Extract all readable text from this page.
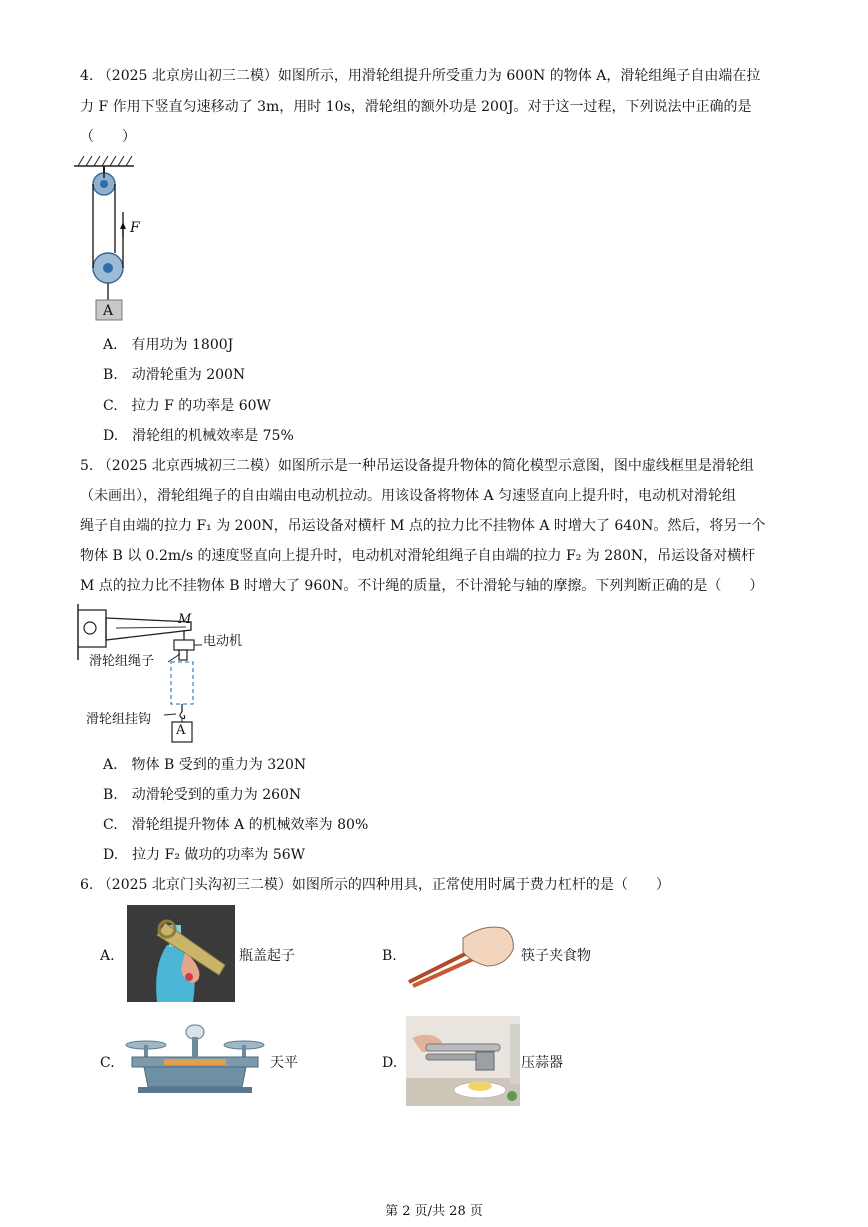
4. （2025 北京房山初三二模）如图所示，用滑轮组提升所受重力为 600N 的物体 A，滑轮组绳子自由端在拉
力 F 作用下竖直匀速移动了 3m，用时 10s，滑轮组的额外功是 200J。对于这一过程，下列说法中正确的是
（　　）
F
A
A.　有用功为 1800J
B.　动滑轮重为 200N
C.　拉力 F 的功率是 60W
D.　滑轮组的机械效率是 75%
5. （2025 北京西城初三二模）如图所示是一种吊运设备提升物体的简化模型示意图，图中虚线框里是滑轮组
（未画出），滑轮组绳子的自由端由电动机拉动。用该设备将物体 A 匀速竖直向上提升时，电动机对滑轮组
绳子自由端的拉力 F₁ 为 200N，吊运设备对横杆 M 点的拉力比不挂物体 A 时增大了 640N。然后，将另一个
物体 B 以 0.2m/s 的速度竖直向上提升时，电动机对滑轮组绳子自由端的拉力 F₂ 为 280N，吊运设备对横杆
M 点的拉力比不挂物体 B 时增大了 960N。不计绳的质量，不计滑轮与轴的摩擦。下列判断正确的是（　　）
M
电动机
滑轮组绳子
滑轮组挂钩
A
A.　物体 B 受到的重力为 320N
B.　动滑轮受到的重力为 260N
C.　滑轮组提升物体 A 的机械效率为 80%
D.　拉力 F₂ 做功的功率为 56W
6. （2025 北京门头沟初三二模）如图所示的四种用具，正常使用时属于费力杠杆的是（　　）
A.	瓶盖起子	B.	筷子夹食物
C.	天平	D.	压蒜器
第 2 页/共 28 页
